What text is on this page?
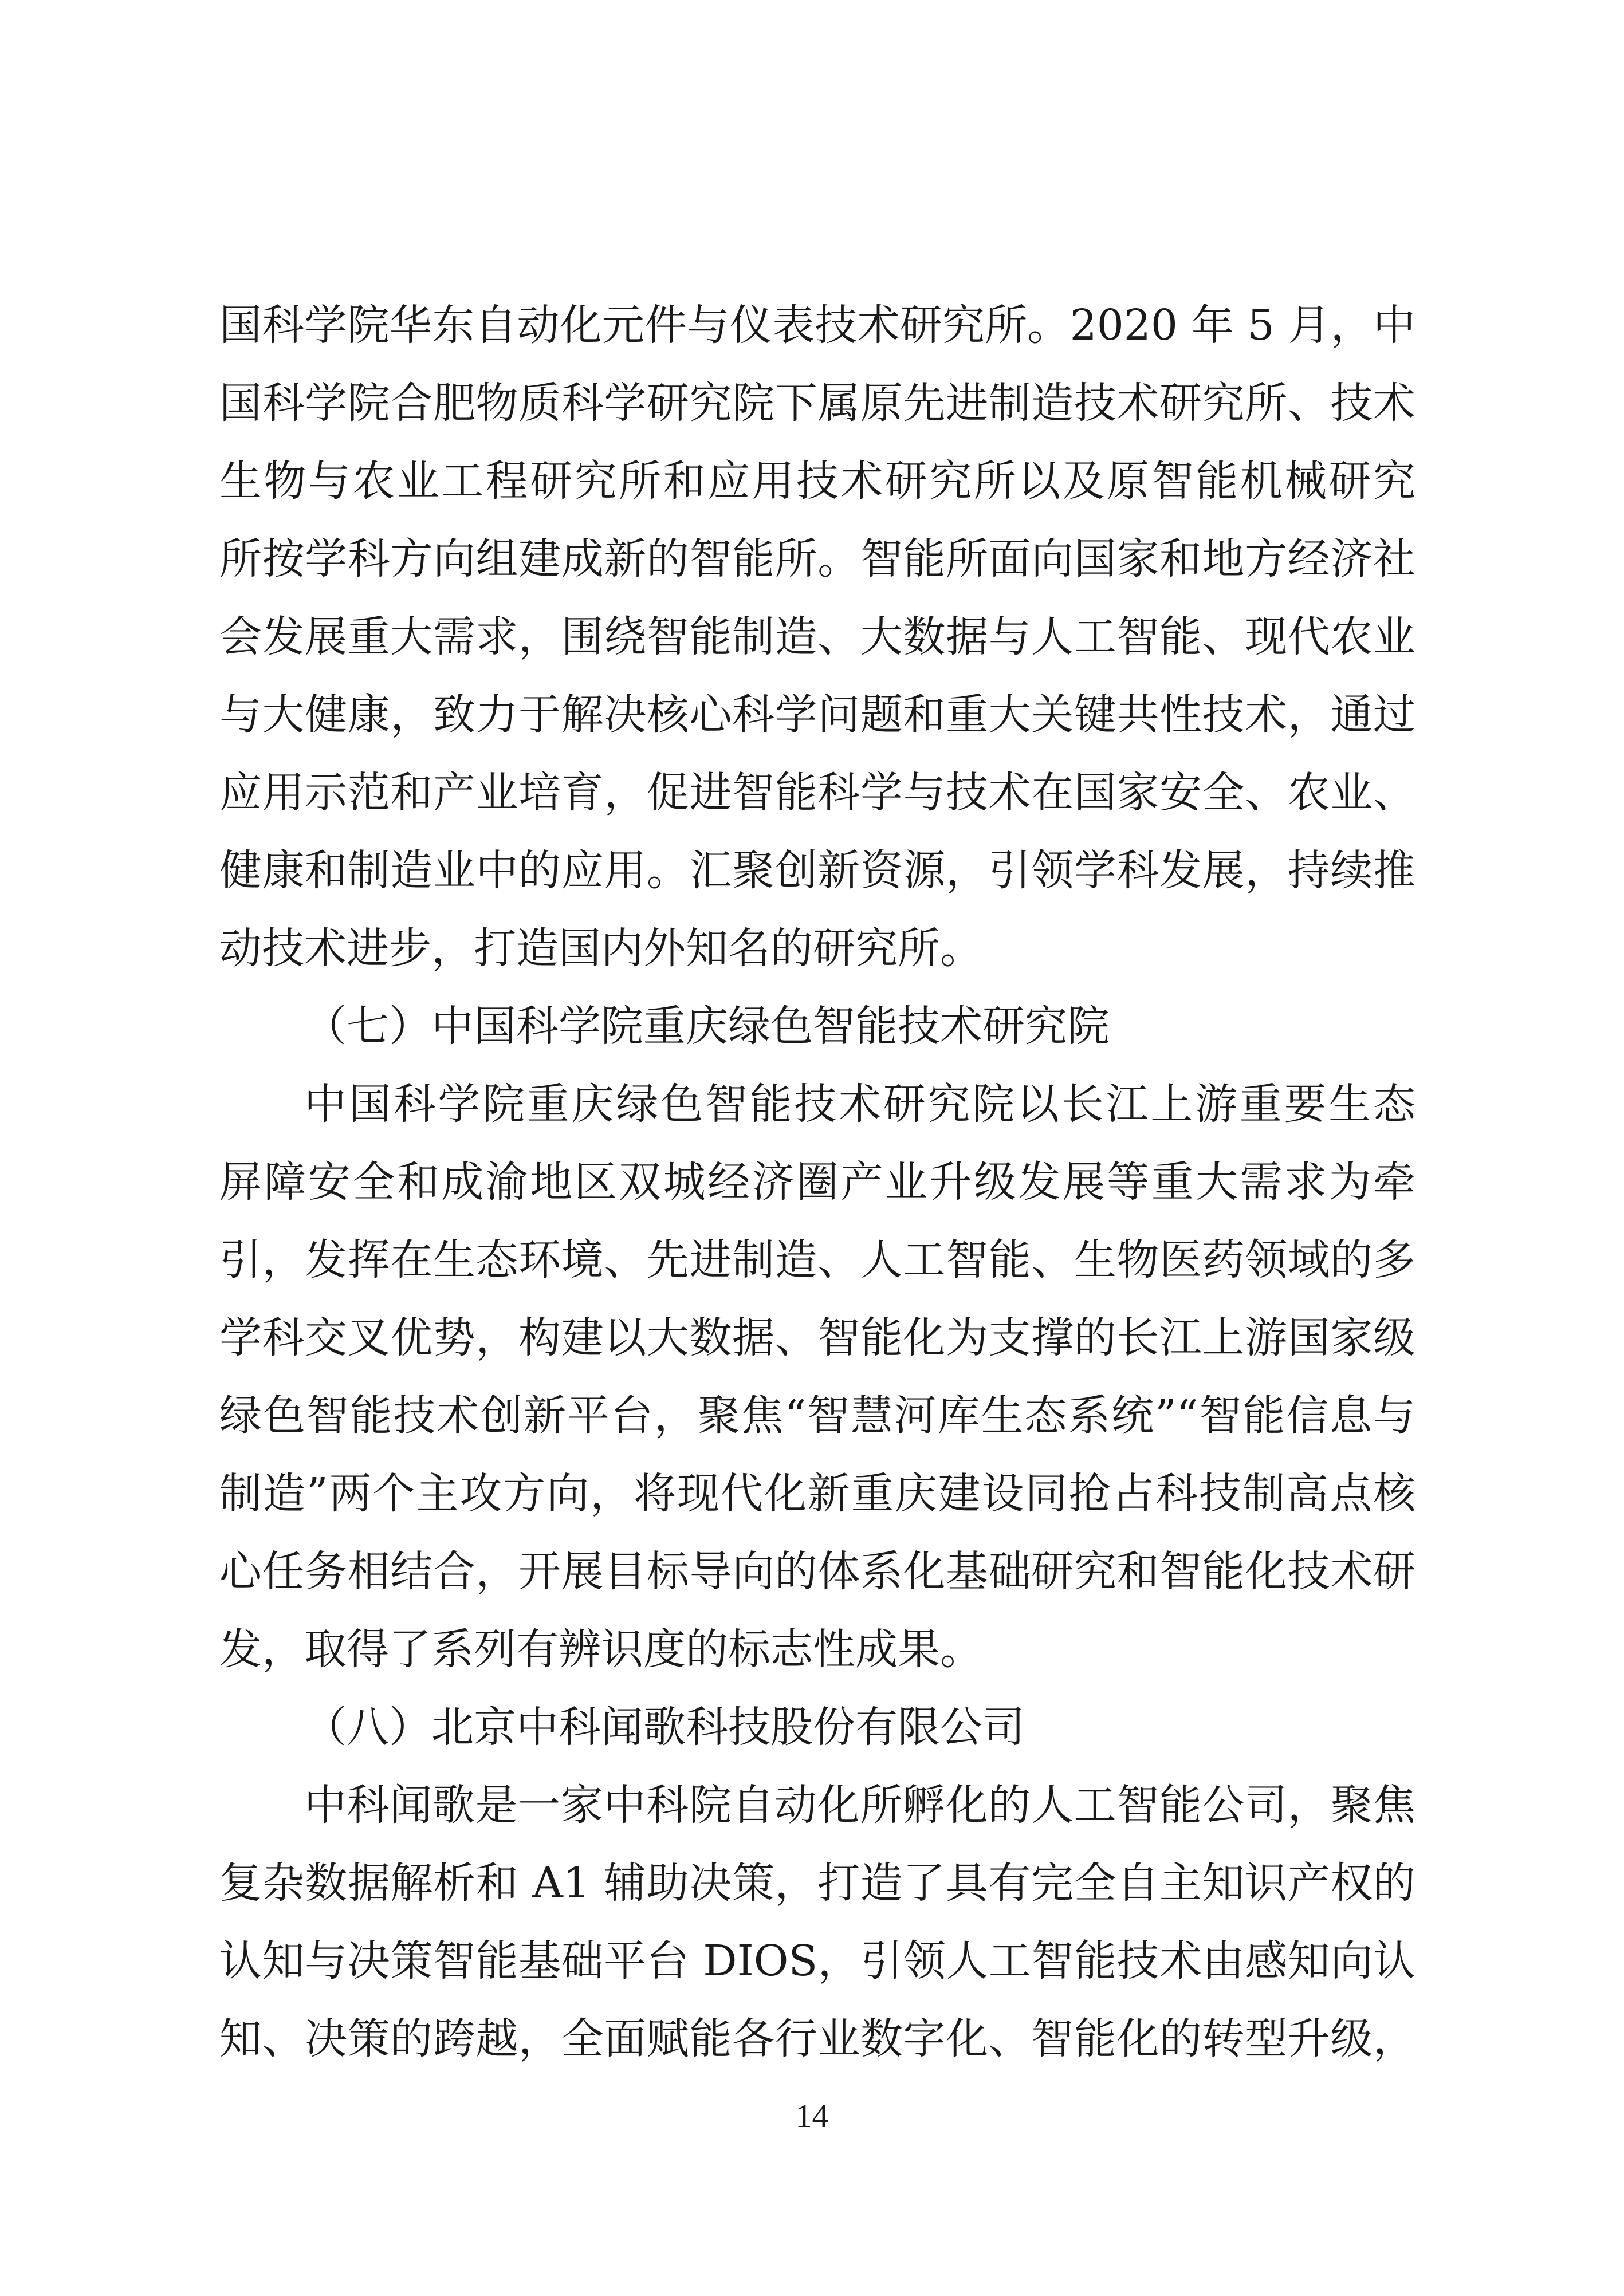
国科学院华东自动化元件与仪表技术研究所。2020 年 5 月，中
国科学院合肥物质科学研究院下属原先进制造技术研究所、技术
生物与农业工程研究所和应用技术研究所以及原智能机械研究
所按学科方向组建成新的智能所。智能所面向国家和地方经济社
会发展重大需求，围绕智能制造、大数据与人工智能、现代农业
与大健康，致力于解决核心科学问题和重大关键共性技术，通过
应用示范和产业培育，促进智能科学与技术在国家安全、农业、
健康和制造业中的应用。汇聚创新资源，引领学科发展，持续推
动技术进步，打造国内外知名的研究所。
（七）中国科学院重庆绿色智能技术研究院
中国科学院重庆绿色智能技术研究院以长江上游重要生态
屏障安全和成渝地区双城经济圈产业升级发展等重大需求为牵
引，发挥在生态环境、先进制造、人工智能、生物医药领域的多
学科交叉优势，构建以大数据、智能化为支撑的长江上游国家级
绿色智能技术创新平台，聚焦“智慧河库生态系统”“智能信息与
制造”两个主攻方向，将现代化新重庆建设同抢占科技制高点核
心任务相结合，开展目标导向的体系化基础研究和智能化技术研
发，取得了系列有辨识度的标志性成果。
（八）北京中科闻歌科技股份有限公司
中科闻歌是一家中科院自动化所孵化的人工智能公司，聚焦
复杂数据解析和 A1 辅助决策，打造了具有完全自主知识产权的
认知与决策智能基础平台 DIOS，引领人工智能技术由感知向认
知、决策的跨越，全面赋能各行业数字化、智能化的转型升级，
14
